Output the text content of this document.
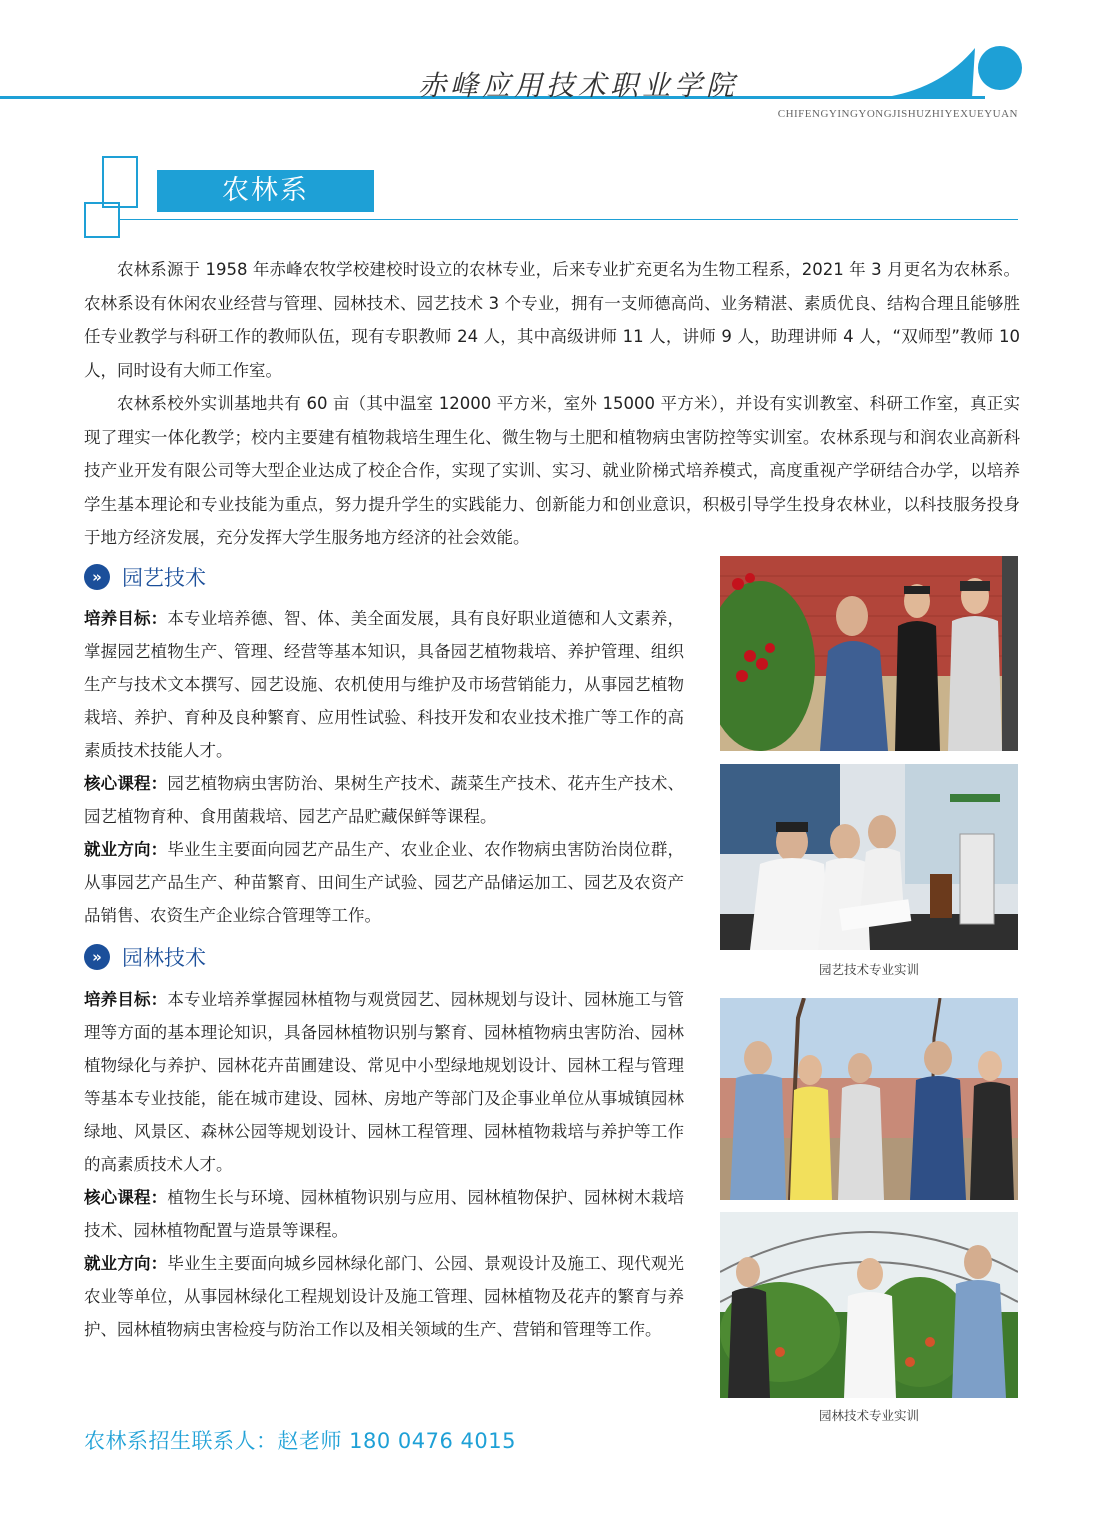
赤峰应用技术职业学院
CHIFENGYINGYONGJISHUZHIYEXUEYUAN
农林系

农林系源于 1958 年赤峰农牧学校建校时设立的农林专业，后来专业扩充更名为生物工程系，2021 年 3 月更名为农林系。农林系设有休闲农业经营与管理、园林技术、园艺技术 3 个专业，拥有一支师德高尚、业务精湛、素质优良、结构合理且能够胜任专业教学与科研工作的教师队伍，现有专职教师 24 人，其中高级讲师 11 人，讲师 9 人，助理讲师 4 人，“双师型”教师 10 人，同时设有大师工作室。

农林系校外实训基地共有 60 亩（其中温室 12000 平方米，室外 15000 平方米），并设有实训教室、科研工作室，真正实现了理实一体化教学；校内主要建有植物栽培生理生化、微生物与土肥和植物病虫害防控等实训室。农林系现与和润农业高新科技产业开发有限公司等大型企业达成了校企合作，实现了实训、实习、就业阶梯式培养模式，高度重视产学研结合办学，以培养学生基本理论和专业技能为重点，努力提升学生的实践能力、创新能力和创业意识，积极引导学生投身农林业，以科技服务投身于地方经济发展，充分发挥大学生服务地方经济的社会效能。

» 园艺技术

培养目标：本专业培养德、智、体、美全面发展，具有良好职业道德和人文素养，掌握园艺植物生产、管理、经营等基本知识，具备园艺植物栽培、养护管理、组织生产与技术文本撰写、园艺设施、农机使用与维护及市场营销能力，从事园艺植物栽培、养护、育种及良种繁育、应用性试验、科技开发和农业技术推广等工作的高素质技术技能人才。

核心课程：园艺植物病虫害防治、果树生产技术、蔬菜生产技术、花卉生产技术、园艺植物育种、食用菌栽培、园艺产品贮藏保鲜等课程。

就业方向：毕业生主要面向园艺产品生产、农业企业、农作物病虫害防治岗位群，从事园艺产品生产、种苗繁育、田间生产试验、园艺产品储运加工、园艺及农资产品销售、农资生产企业综合管理等工作。

» 园林技术

培养目标：本专业培养掌握园林植物与观赏园艺、园林规划与设计、园林施工与管理等方面的基本理论知识，具备园林植物识别与繁育、园林植物病虫害防治、园林植物绿化与养护、园林花卉苗圃建设、常见中小型绿地规划设计、园林工程与管理等基本专业技能，能在城市建设、园林、房地产等部门及企事业单位从事城镇园林绿地、风景区、森林公园等规划设计、园林工程管理、园林植物栽培与养护等工作的高素质技术人才。

核心课程：植物生长与环境、园林植物识别与应用、园林植物保护、园林树木栽培技术、园林植物配置与造景等课程。

就业方向：毕业生主要面向城乡园林绿化部门、公园、景观设计及施工、现代观光农业等单位，从事园林绿化工程规划设计及施工管理、园林植物及花卉的繁育与养护、园林植物病虫害检疫与防治工作以及相关领域的生产、营销和管理等工作。

园艺技术专业实训
园林技术专业实训
农林系招生联系人：赵老师 180 0476 4015
